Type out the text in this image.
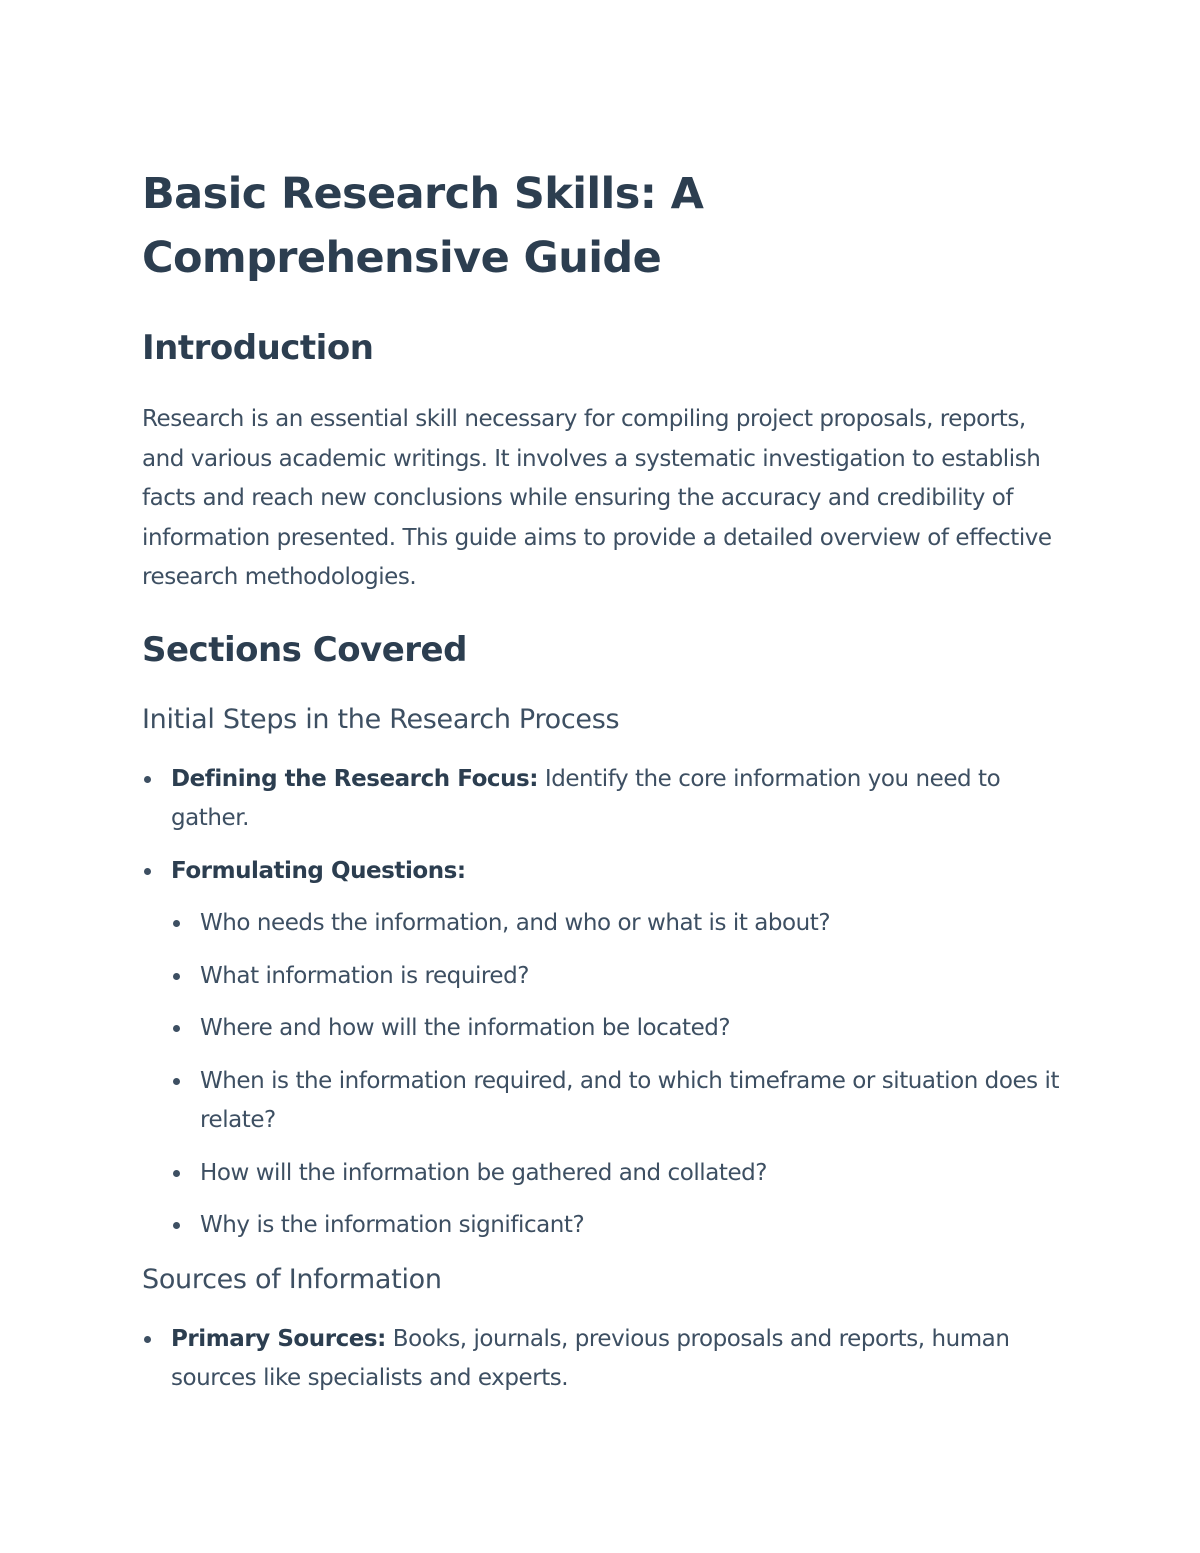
Basic Research Skills: A Comprehensive Guide
Introduction

Research is an essential skill necessary for compiling project proposals, reports, and various academic writings. It involves a systematic investigation to establish facts and reach new conclusions while ensuring the accuracy and credibility of information presented. This guide aims to provide a detailed overview of effective research methodologies.

Sections Covered
Initial Steps in the Research Process
Defining the Research Focus: Identify the core information you need to gather.
Formulating Questions:
Who needs the information, and who or what is it about?
What information is required?
Where and how will the information be located?
When is the information required, and to which timeframe or situation does it relate?
How will the information be gathered and collated?
Why is the information significant?
Sources of Information
Primary Sources: Books, journals, previous proposals and reports, human sources like specialists and experts.
